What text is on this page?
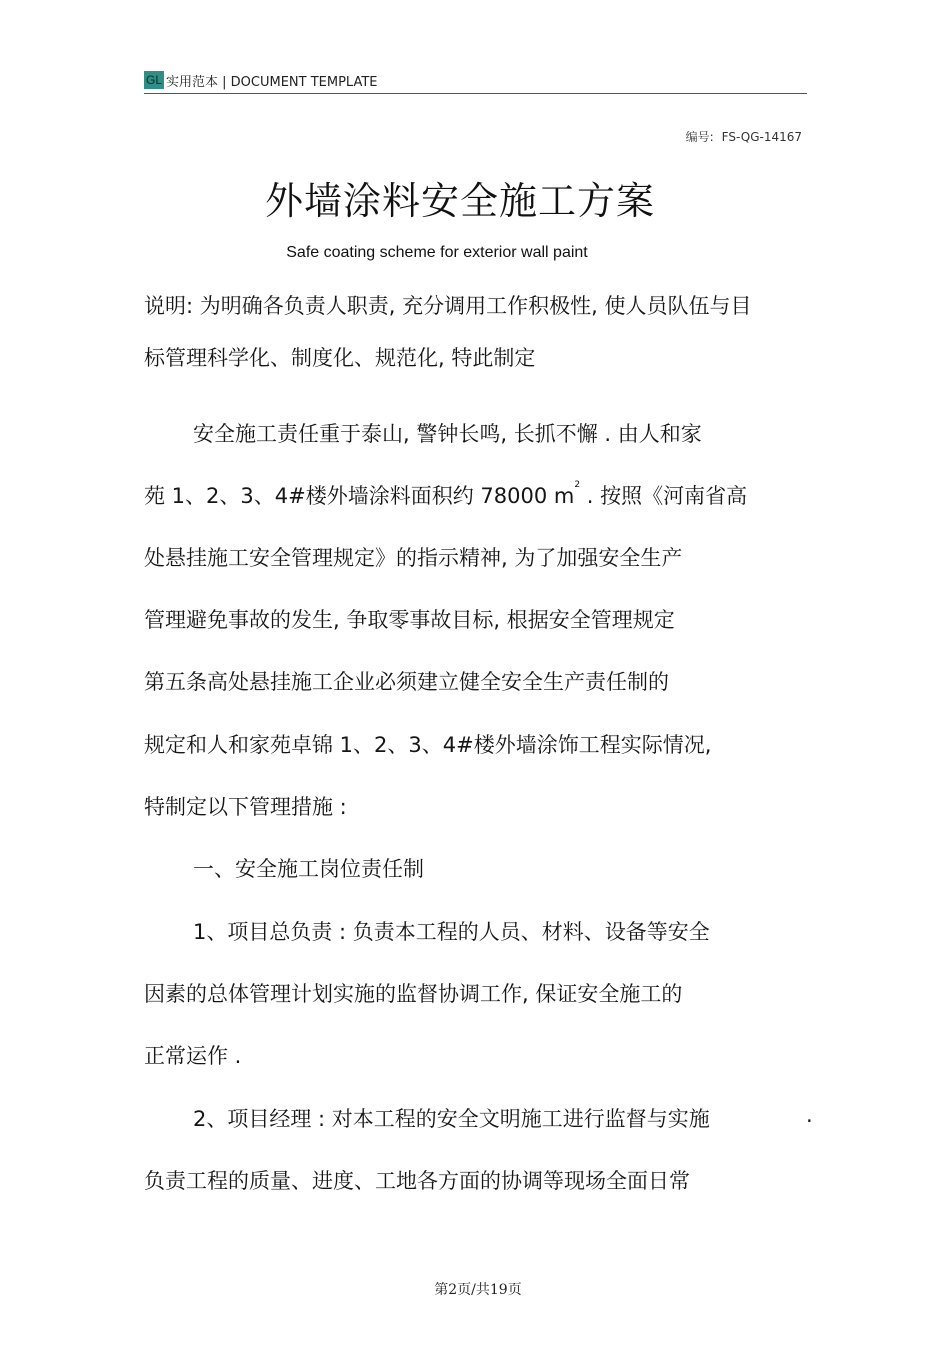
GL 实用范本 | DOCUMENT TEMPLATE
编号: FS-QG-14167
外墙涂料安全施工方案
Safe coating scheme for exterior wall paint
说明: 为明确各负责人职责, 充分调用工作积极性, 使人员队伍与目
标管理科学化、制度化、规范化, 特此制定
安全施工责任重于泰山, 警钟长鸣, 长抓不懈 . 由人和家
苑 1、2、3、4#楼外墙涂料面积约 78000 $m^2$ . 按照《河南省高
处悬挂施工安全管理规定》的指示精神, 为了加强安全生产
管理避免事故的发生, 争取零事故目标, 根据安全管理规定
第五条高处悬挂施工企业必须建立健全安全生产责任制的
规定和人和家苑卓锦 1、2、3、4#楼外墙涂饰工程实际情况,
特制定以下管理措施 :
一、安全施工岗位责任制
1、项目总负责 : 负责本工程的人员、材料、设备等安全
因素的总体管理计划实施的监督协调工作, 保证安全施工的
正常运作 .
2、项目经理 : 对本工程的安全文明施工进行监督与实施	.
负责工程的质量、进度、工地各方面的协调等现场全面日常
第2页/共19页
